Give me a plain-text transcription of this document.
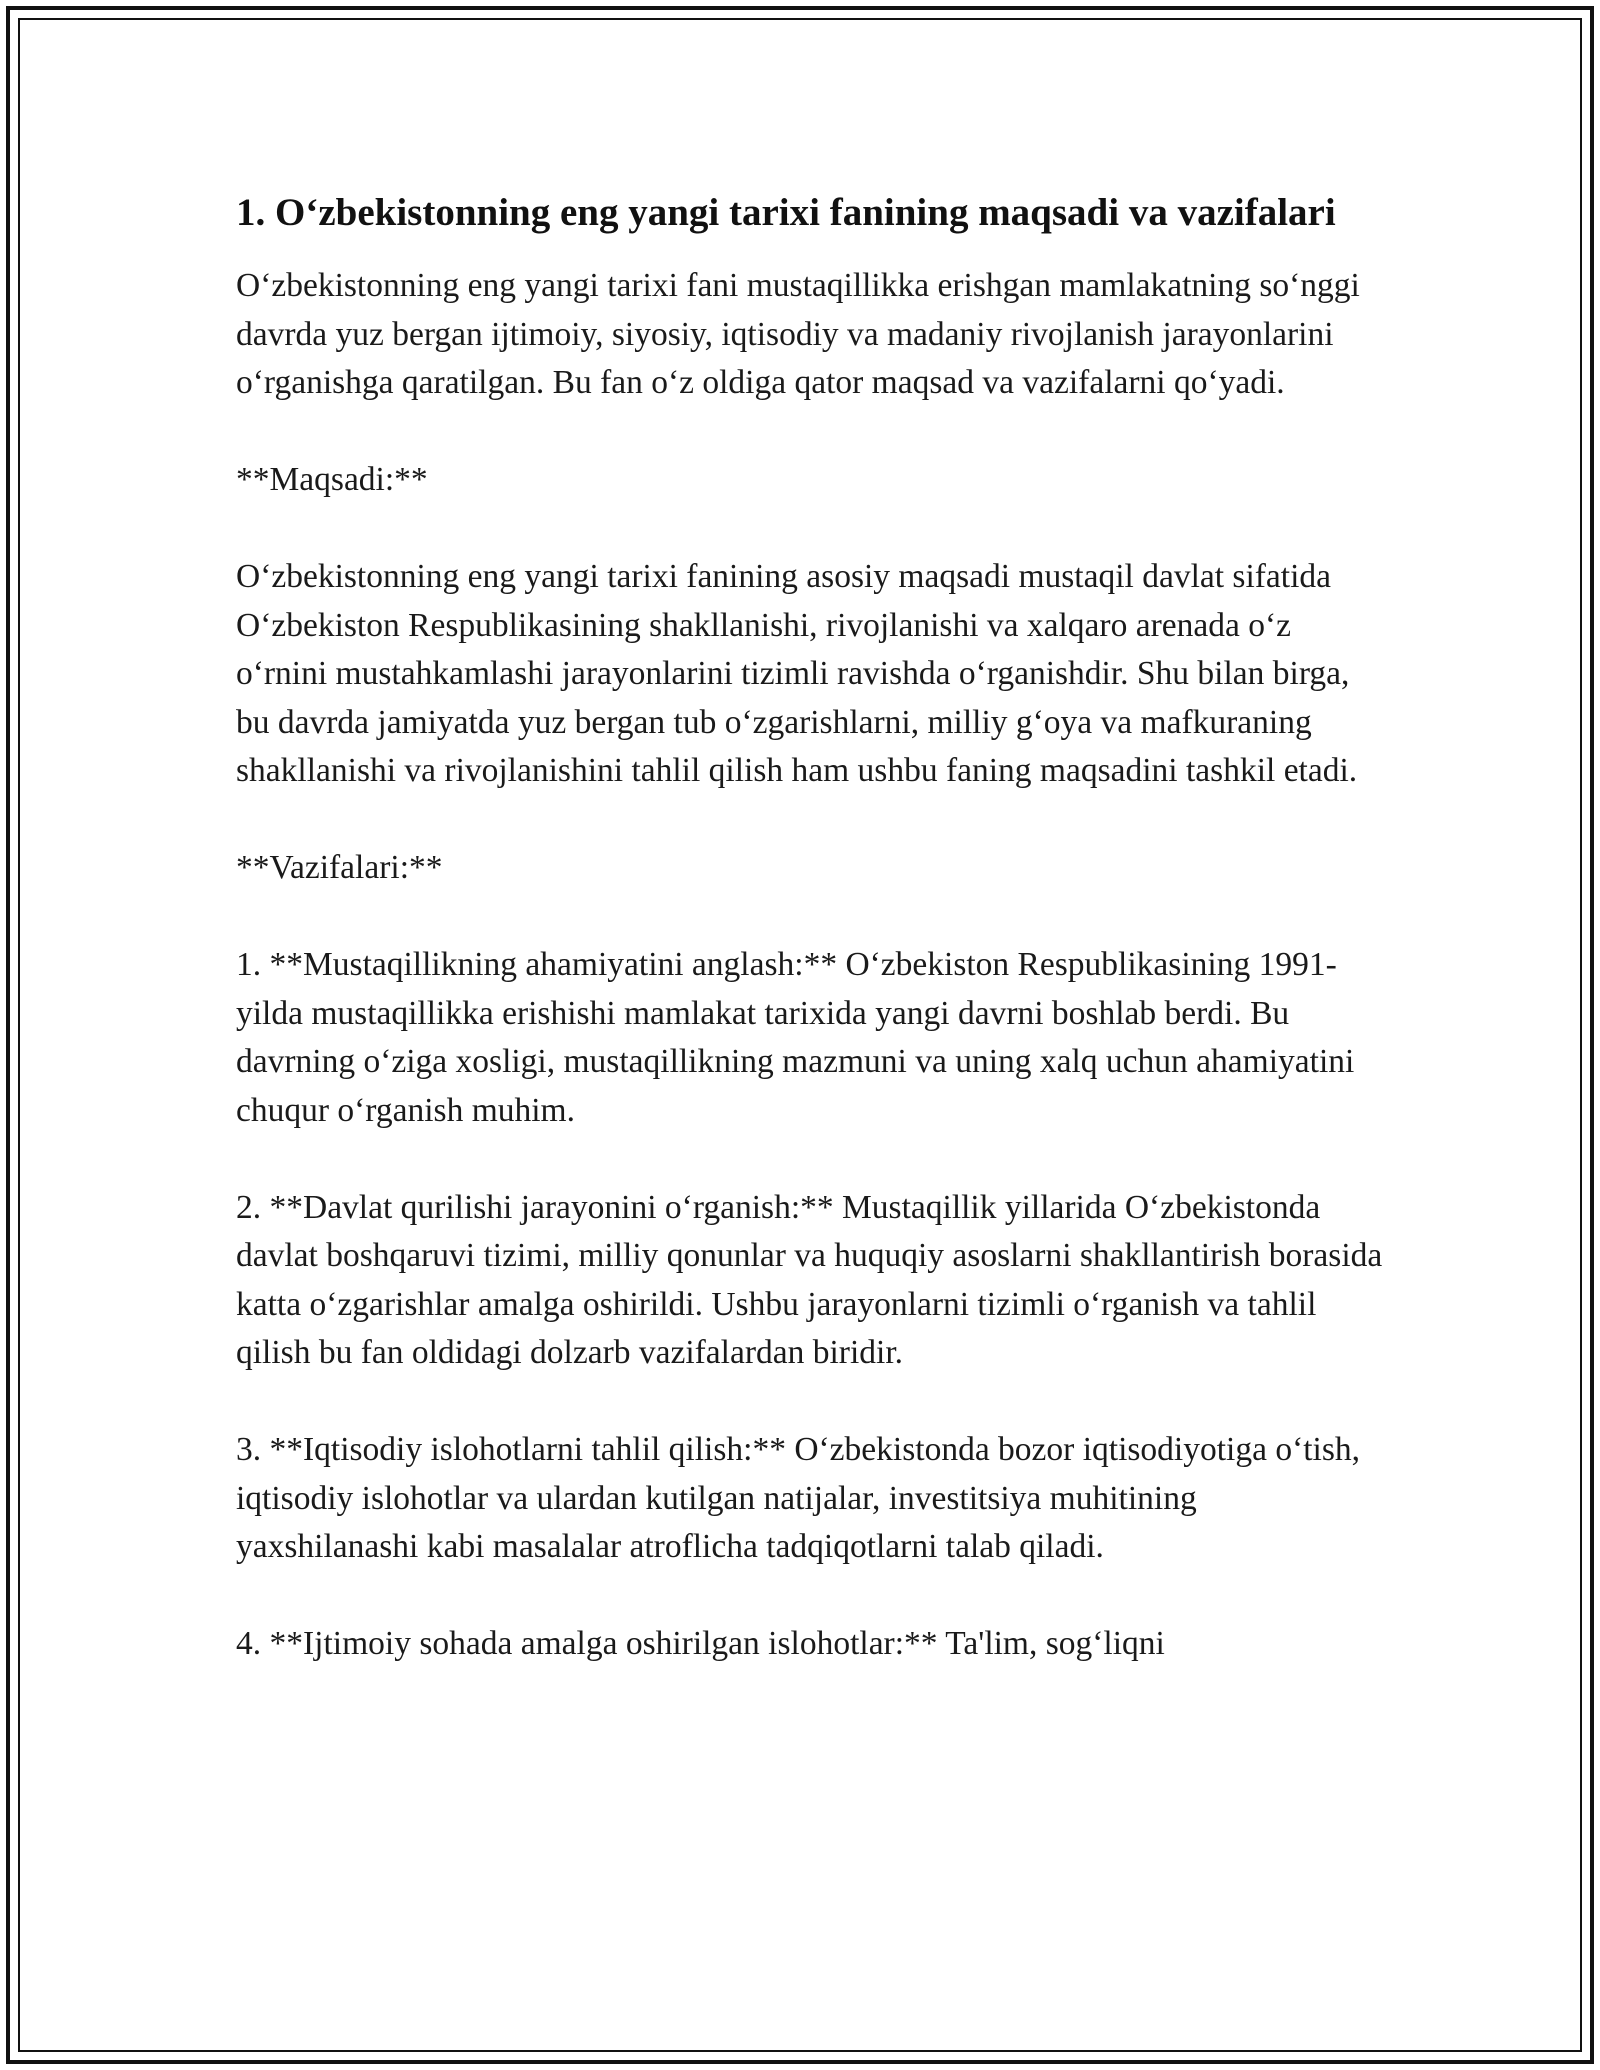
1. O‘zbekistonning eng yangi tarixi fanining maqsadi va vazifalari

O‘zbekistonning eng yangi tarixi fani mustaqillikka erishgan mamlakatning so‘nggi davrda yuz bergan ijtimoiy, siyosiy, iqtisodiy va madaniy rivojlanish jarayonlarini o‘rganishga qaratilgan. Bu fan o‘z oldiga qator maqsad va vazifalarni qo‘yadi.

**Maqsadi:**

O‘zbekistonning eng yangi tarixi fanining asosiy maqsadi mustaqil davlat sifatida O‘zbekiston Respublikasining shakllanishi, rivojlanishi va xalqaro arenada o‘z o‘rnini mustahkamlashi jarayonlarini tizimli ravishda o‘rganishdir. Shu bilan birga, bu davrda jamiyatda yuz bergan tub o‘zgarishlarni, milliy g‘oya va mafkuraning shakllanishi va rivojlanishini tahlil qilish ham ushbu faning maqsadini tashkil etadi.

**Vazifalari:**

1. **Mustaqillikning ahamiyatini anglash:** O‘zbekiston Respublikasining 1991-yilda mustaqillikka erishishi mamlakat tarixida yangi davrni boshlab berdi. Bu davrning o‘ziga xosligi, mustaqillikning mazmuni va uning xalq uchun ahamiyatini chuqur o‘rganish muhim.

2. **Davlat qurilishi jarayonini o‘rganish:** Mustaqillik yillarida O‘zbekistonda davlat boshqaruvi tizimi, milliy qonunlar va huquqiy asoslarni shakllantirish borasida katta o‘zgarishlar amalga oshirildi. Ushbu jarayonlarni tizimli o‘rganish va tahlil qilish bu fan oldidagi dolzarb vazifalardan biridir.

3. **Iqtisodiy islohotlarni tahlil qilish:** O‘zbekistonda bozor iqtisodiyotiga o‘tish, iqtisodiy islohotlar va ulardan kutilgan natijalar, investitsiya muhitining yaxshilanashi kabi masalalar atroflicha tadqiqotlarni talab qiladi.

4. **Ijtimoiy sohada amalga oshirilgan islohotlar:** Ta'lim, sog‘liqni
